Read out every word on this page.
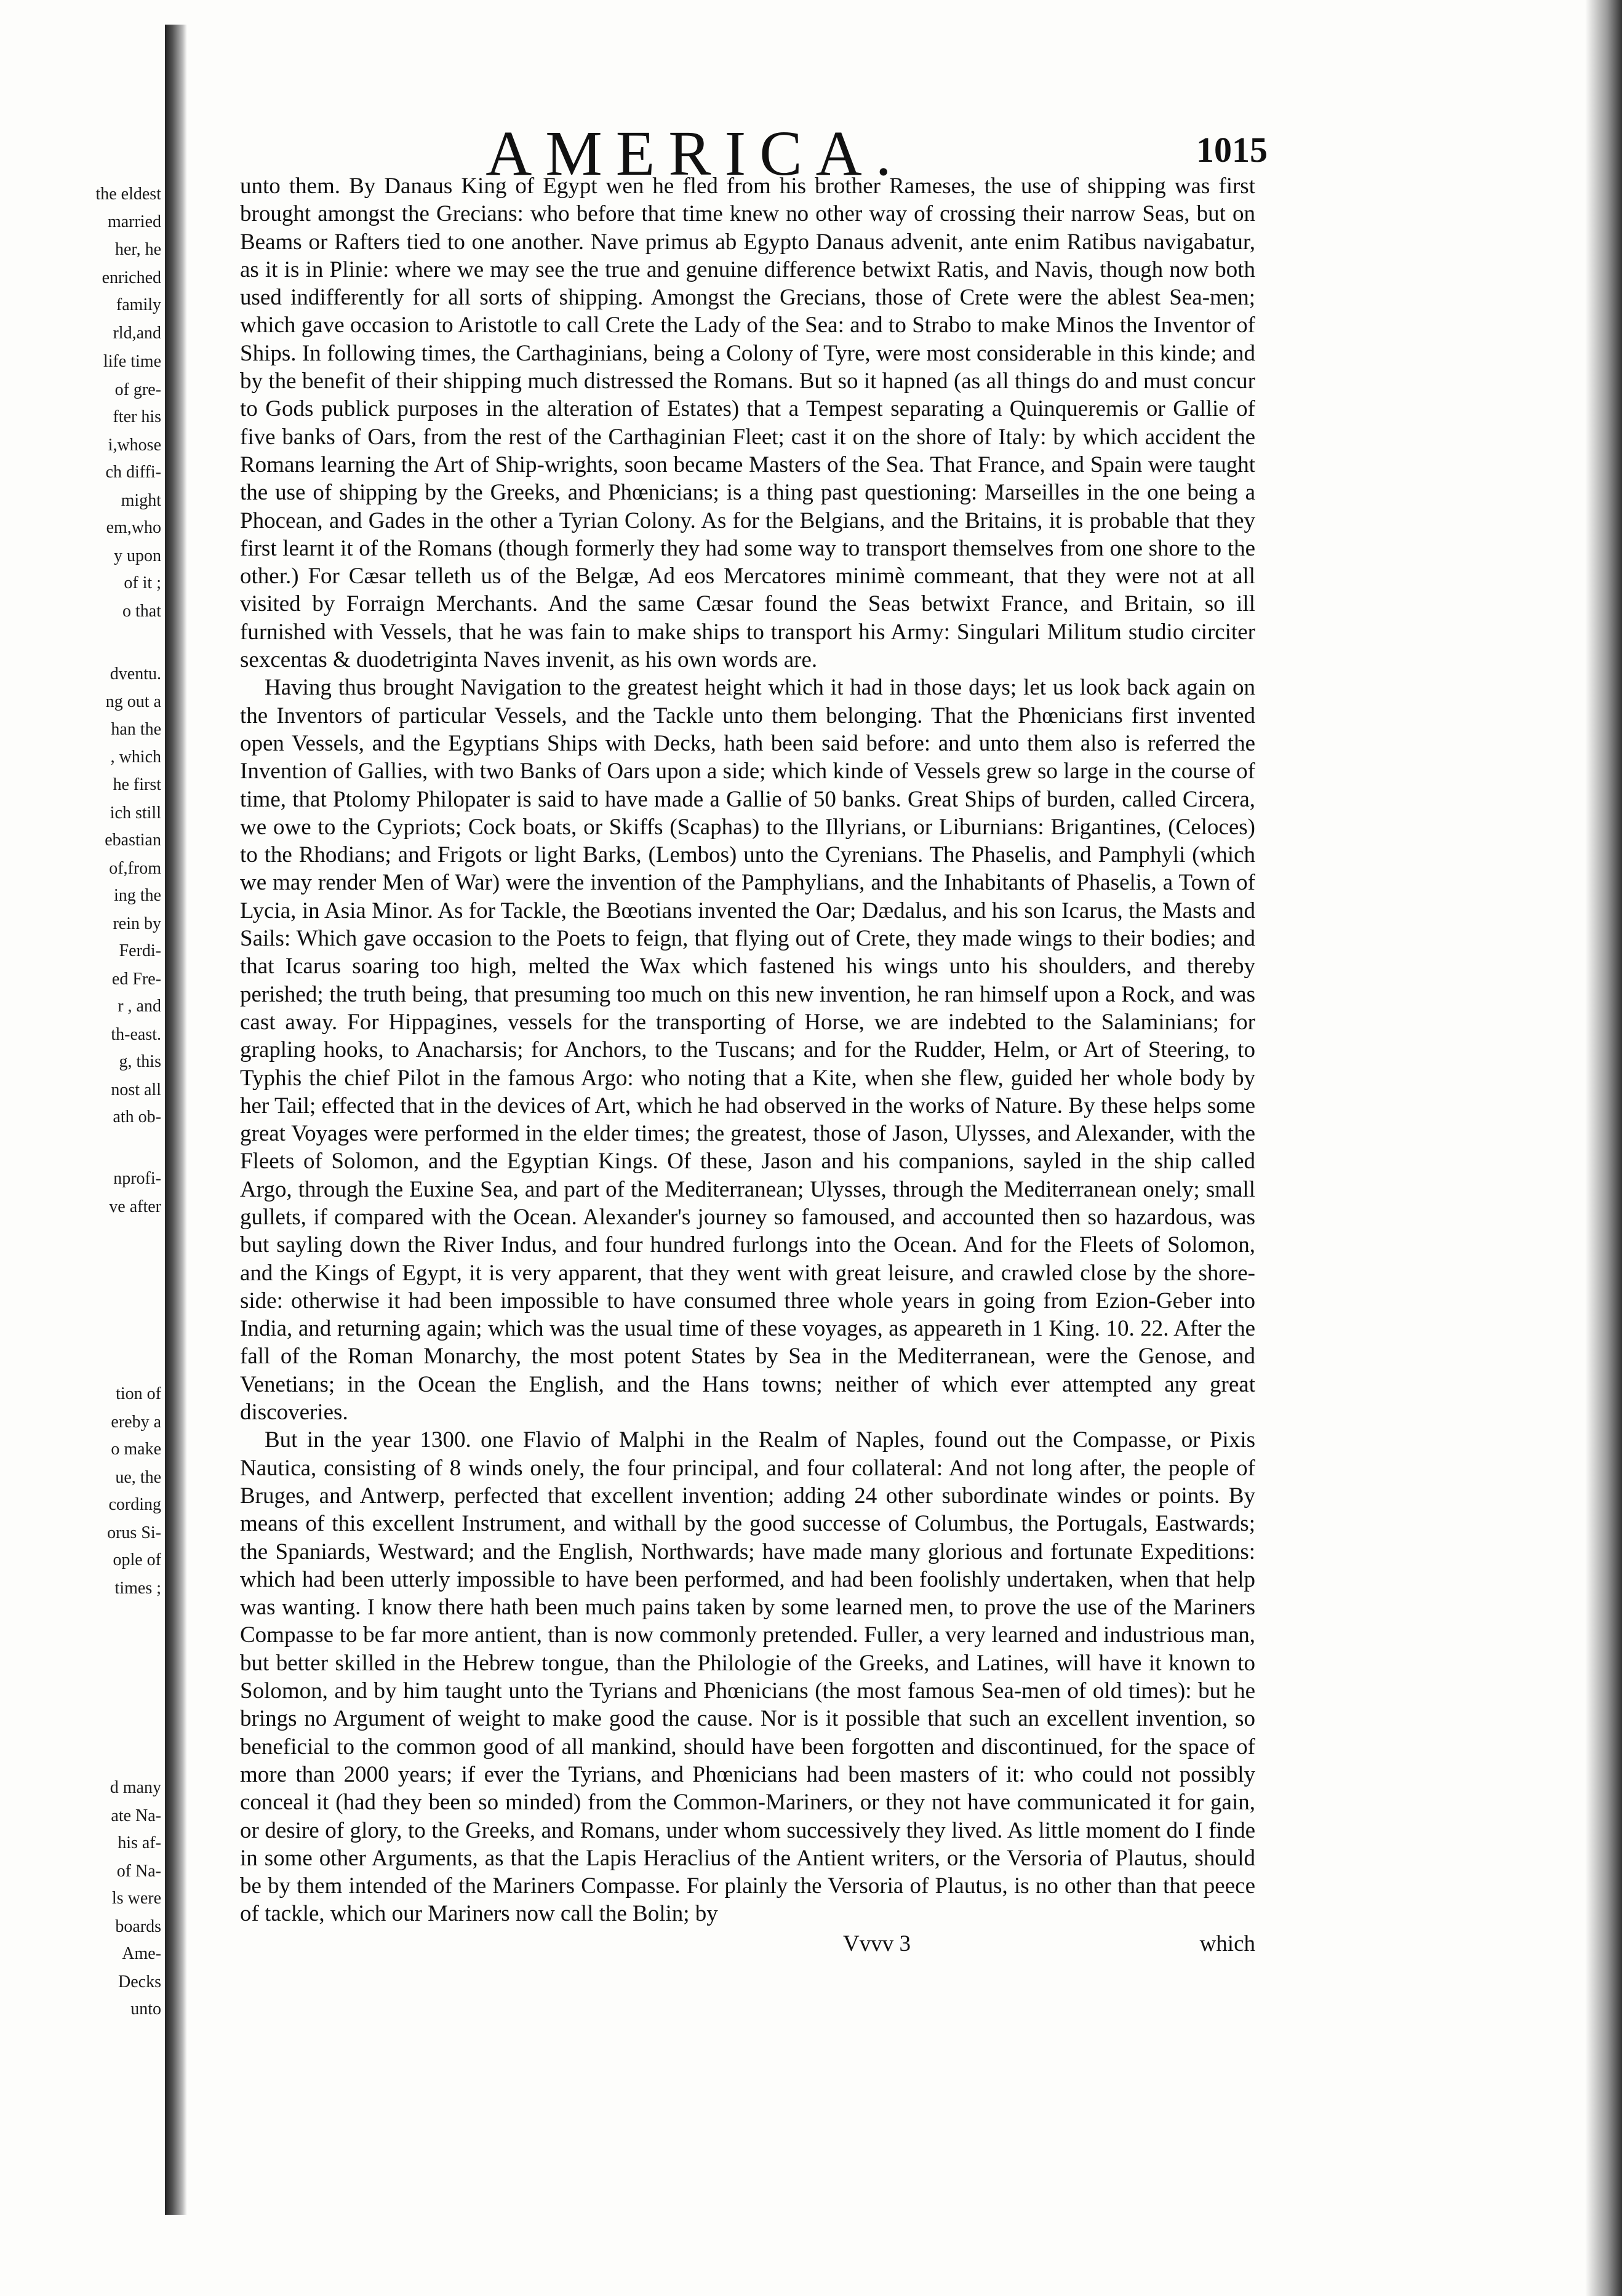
the eldest
married
her, he
enriched
family
rld,and
life time
of gre-
fter his
i,whose
ch diffi-
might
em,who
y upon
of it ;
o that
dventu.
ng out a
han the
, which
he first
ich still
ebastian
of,from
ing the
rein by
Ferdi-
ed Fre-
r , and
th-east.
g, this
nost all
ath ob-
nprofi-
ve after
tion of
ereby a
o make
ue, the
cording
orus Si-
ople of
times ;
d many
ate Na-
his af-
of Na-
ls were
boards
Ame-
Decks
unto
AMERICA.	1015

unto them. By Danaus King of Egypt wen he fled from his brother Rameses, the use of shipping was first brought amongst the Grecians: who before that time knew no other way of crossing their narrow Seas, but on Beams or Rafters tied to one another. Nave primus ab Egypto Danaus advenit, ante enim Ratibus navigabatur, as it is in Plinie: where we may see the true and genuine difference betwixt Ratis, and Navis, though now both used indifferently for all sorts of shipping. Amongst the Grecians, those of Crete were the ablest Sea-men; which gave occasion to Aristotle to call Crete the Lady of the Sea: and to Strabo to make Minos the Inventor of Ships. In following times, the Carthaginians, being a Colony of Tyre, were most considerable in this kinde; and by the benefit of their shipping much distressed the Romans. But so it hapned (as all things do and must concur to Gods publick purposes in the alteration of Estates) that a Tempest separating a Quinqueremis or Gallie of five banks of Oars, from the rest of the Carthaginian Fleet; cast it on the shore of Italy: by which accident the Romans learning the Art of Ship-wrights, soon became Masters of the Sea. That France, and Spain were taught the use of shipping by the Greeks, and Phœnicians; is a thing past questioning: Marseilles in the one being a Phocean, and Gades in the other a Tyrian Colony. As for the Belgians, and the Britains, it is probable that they first learnt it of the Romans (though formerly they had some way to transport themselves from one shore to the other.) For Cæsar telleth us of the Belgæ, Ad eos Mercatores minimè commeant, that they were not at all visited by Forraign Merchants. And the same Cæsar found the Seas betwixt France, and Britain, so ill furnished with Vessels, that he was fain to make ships to transport his Army: Singulari Militum studio circiter sexcentas & duodetriginta Naves invenit, as his own words are.

Having thus brought Navigation to the greatest height which it had in those days; let us look back again on the Inventors of particular Vessels, and the Tackle unto them belonging. That the Phœnicians first invented open Vessels, and the Egyptians Ships with Decks, hath been said before: and unto them also is referred the Invention of Gallies, with two Banks of Oars upon a side; which kinde of Vessels grew so large in the course of time, that Ptolomy Philopater is said to have made a Gallie of 50 banks. Great Ships of burden, called Circera, we owe to the Cypriots; Cock boats, or Skiffs (Scaphas) to the Illyrians, or Liburnians: Brigantines, (Celoces) to the Rhodians; and Frigots or light Barks, (Lembos) unto the Cyrenians. The Phaselis, and Pamphyli (which we may render Men of War) were the invention of the Pamphylians, and the Inhabitants of Phaselis, a Town of Lycia, in Asia Minor. As for Tackle, the Bœotians invented the Oar; Dædalus, and his son Icarus, the Masts and Sails: Which gave occasion to the Poets to feign, that flying out of Crete, they made wings to their bodies; and that Icarus soaring too high, melted the Wax which fastened his wings unto his shoulders, and thereby perished; the truth being, that presuming too much on this new invention, he ran himself upon a Rock, and was cast away. For Hippagines, vessels for the transporting of Horse, we are indebted to the Salaminians; for grapling hooks, to Anacharsis; for Anchors, to the Tuscans; and for the Rudder, Helm, or Art of Steering, to Typhis the chief Pilot in the famous Argo: who noting that a Kite, when she flew, guided her whole body by her Tail; effected that in the devices of Art, which he had observed in the works of Nature. By these helps some great Voyages were performed in the elder times; the greatest, those of Jason, Ulysses, and Alexander, with the Fleets of Solomon, and the Egyptian Kings. Of these, Jason and his companions, sayled in the ship called Argo, through the Euxine Sea, and part of the Mediterranean; Ulysses, through the Mediterranean onely; small gullets, if compared with the Ocean. Alexander's journey so famoused, and accounted then so hazardous, was but sayling down the River Indus, and four hundred furlongs into the Ocean. And for the Fleets of Solomon, and the Kings of Egypt, it is very apparent, that they went with great leisure, and crawled close by the shore-side: otherwise it had been impossible to have consumed three whole years in going from Ezion-Geber into India, and returning again; which was the usual time of these voyages, as appeareth in 1 King. 10. 22. After the fall of the Roman Monarchy, the most potent States by Sea in the Mediterranean, were the Genose, and Venetians; in the Ocean the English, and the Hans towns; neither of which ever attempted any great discoveries.

But in the year 1300. one Flavio of Malphi in the Realm of Naples, found out the Compasse, or Pixis Nautica, consisting of 8 winds onely, the four principal, and four collateral: And not long after, the people of Bruges, and Antwerp, perfected that excellent invention; adding 24 other subordinate windes or points. By means of this excellent Instrument, and withall by the good successe of Columbus, the Portugals, Eastwards; the Spaniards, Westward; and the English, Northwards; have made many glorious and fortunate Expeditions: which had been utterly impossible to have been performed, and had been foolishly undertaken, when that help was wanting. I know there hath been much pains taken by some learned men, to prove the use of the Mariners Compasse to be far more antient, than is now commonly pretended. Fuller, a very learned and industrious man, but better skilled in the Hebrew tongue, than the Philologie of the Greeks, and Latines, will have it known to Solomon, and by him taught unto the Tyrians and Phœnicians (the most famous Sea-men of old times): but he brings no Argument of weight to make good the cause. Nor is it possible that such an excellent invention, so beneficial to the common good of all mankind, should have been forgotten and discontinued, for the space of more than 2000 years; if ever the Tyrians, and Phœnicians had been masters of it: who could not possibly conceal it (had they been so minded) from the Common-Mariners, or they not have communicated it for gain, or desire of glory, to the Greeks, and Romans, under whom successively they lived. As little moment do I finde in some other Arguments, as that the Lapis Heraclius of the Antient writers, or the Versoria of Plautus, should be by them intended of the Mariners Compasse. For plainly the Versoria of Plautus, is no other than that peece of tackle, which our Mariners now call the Bolin; by

Vvvv 3	which
